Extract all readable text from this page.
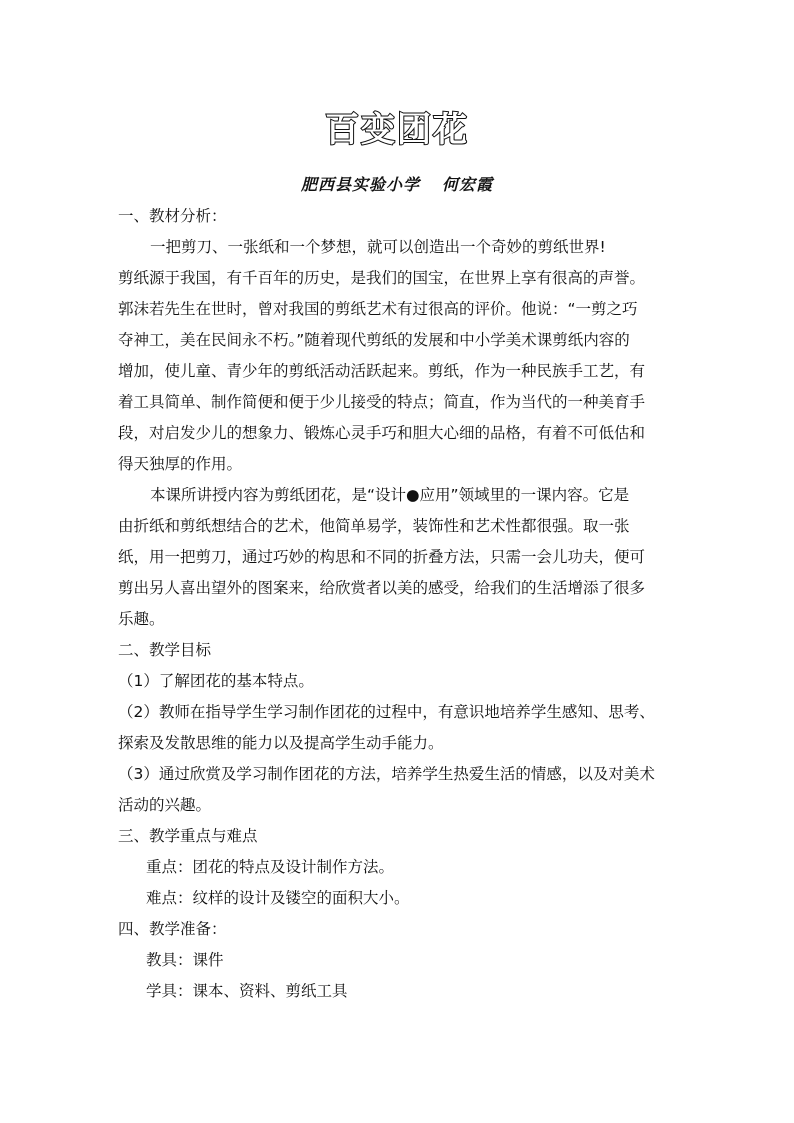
百变团花
肥西县实验小学 何宏霞
一、教材分析：
一把剪刀、一张纸和一个梦想，就可以创造出一个奇妙的剪纸世界!
剪纸源于我国，有千百年的历史，是我们的国宝，在世界上享有很高的声誉。
郭沫若先生在世时，曾对我国的剪纸艺术有过很高的评价。他说：“一剪之巧
夺神工，美在民间永不朽。”随着现代剪纸的发展和中小学美术课剪纸内容的
增加，使儿童、青少年的剪纸活动活跃起来。剪纸，作为一种民族手工艺，有
着工具简单、制作简便和便于少儿接受的特点；简直，作为当代的一种美育手
段，对启发少儿的想象力、锻炼心灵手巧和胆大心细的品格，有着不可低估和
得天独厚的作用。
本课所讲授内容为剪纸团花，是“设计●应用”领域里的一课内容。它是
由折纸和剪纸想结合的艺术，他简单易学，装饰性和艺术性都很强。取一张
纸，用一把剪刀，通过巧妙的构思和不同的折叠方法，只需一会儿功夫，便可
剪出另人喜出望外的图案来，给欣赏者以美的感受，给我们的生活增添了很多
乐趣。
二、教学目标
（1）了解团花的基本特点。
（2）教师在指导学生学习制作团花的过程中，有意识地培养学生感知、思考、
探索及发散思维的能力以及提高学生动手能力。
（3）通过欣赏及学习制作团花的方法，培养学生热爱生活的情感，以及对美术
活动的兴趣。
三、教学重点与难点
重点：团花的特点及设计制作方法。
难点：纹样的设计及镂空的面积大小。
四、教学准备：
教具：课件
学具：课本、资料、剪纸工具
